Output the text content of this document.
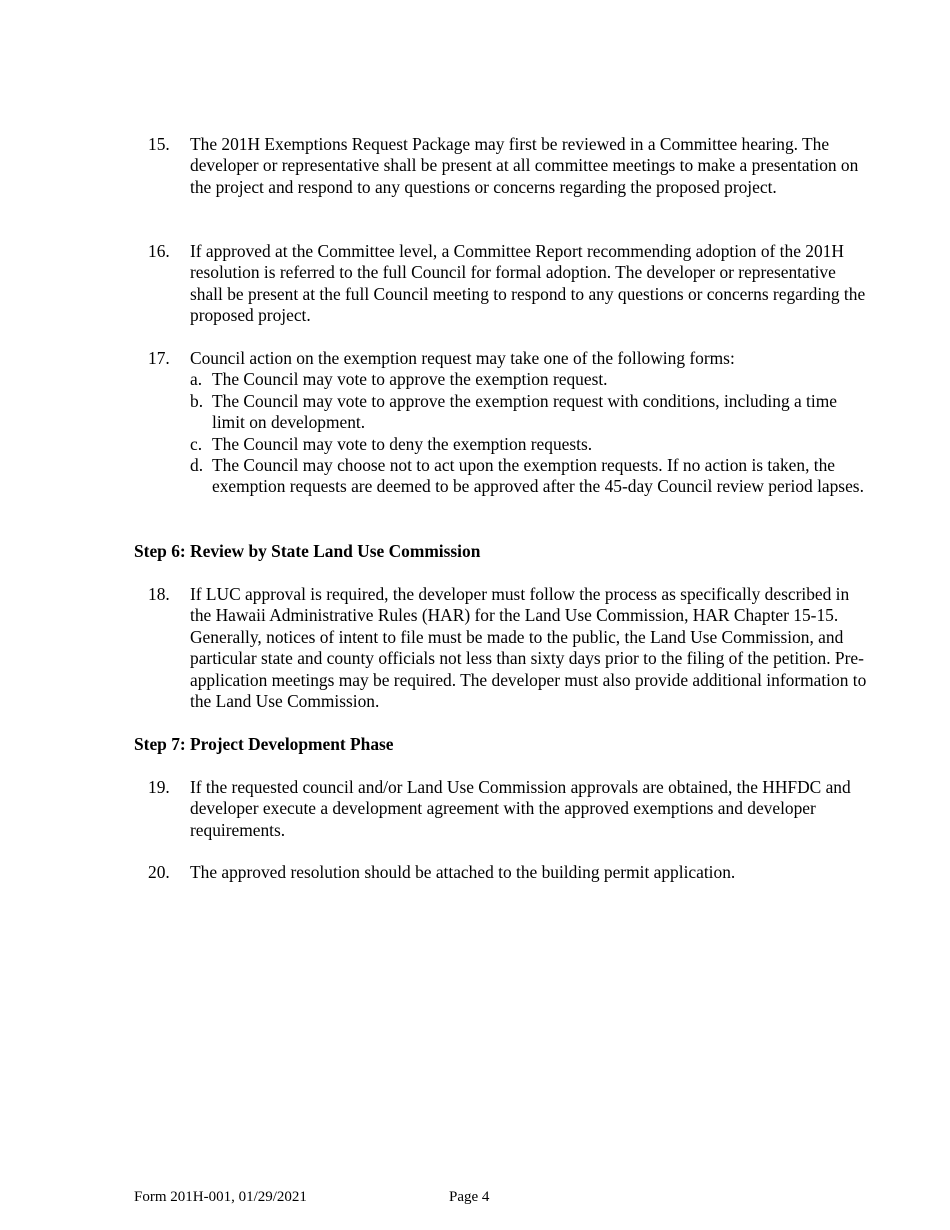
15.	The 201H Exemptions Request Package may first be reviewed in a Committee hearing. The developer or representative shall be present at all committee meetings to make a presentation on the project and respond to any questions or concerns regarding the proposed project.
16.	If approved at the Committee level, a Committee Report recommending adoption of the 201H resolution is referred to the full Council for formal adoption. The developer or representative shall be present at the full Council meeting to respond to any questions or concerns regarding the proposed project.
17.	Council action on the exemption request may take one of the following forms:
a. The Council may vote to approve the exemption request.
b. The Council may vote to approve the exemption request with conditions, including a time limit on development.
c. The Council may vote to deny the exemption requests.
d. The Council may choose not to act upon the exemption requests. If no action is taken, the exemption requests are deemed to be approved after the 45-day Council review period lapses.
Step 6: Review by State Land Use Commission
18.	If LUC approval is required, the developer must follow the process as specifically described in the Hawaii Administrative Rules (HAR) for the Land Use Commission, HAR Chapter 15-15. Generally, notices of intent to file must be made to the public, the Land Use Commission, and particular state and county officials not less than sixty days prior to the filing of the petition. Pre-application meetings may be required. The developer must also provide additional information to the Land Use Commission.
Step 7: Project Development Phase
19.	If the requested council and/or Land Use Commission approvals are obtained, the HHFDC and developer execute a development agreement with the approved exemptions and developer requirements.
20.	The approved resolution should be attached to the building permit application.
Form 201H-001, 01/29/2021	Page 4
